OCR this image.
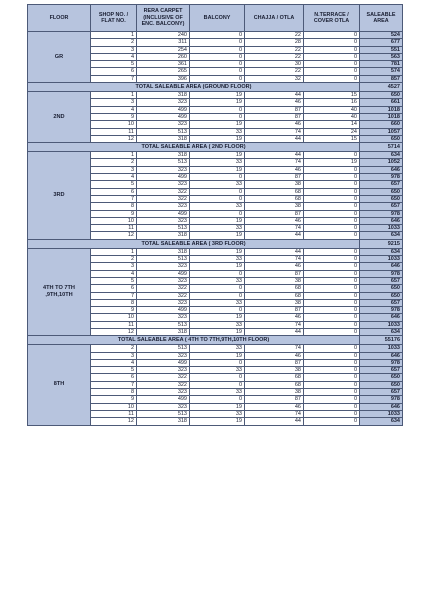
FLOOR	SHOP NO. / FLAT NO.	RERA CARPET (INCLUSIVE OF ENC. BALCONY)	BALCONY	CHAJJA / OTLA	N.TERRACE / COVER OTLA	SALEABLE AREA
GR	1	240	0	22	0	524
	2	311	0	28	0	677
	3	254	0	22	0	551
	4	260	0	22	0	563
	5	361	0	30	0	781
	6	265	0	22	0	574
	7	396	0	32	0	857
TOTAL SALEABLE AREA (GROUND FLOOR)						4527
2ND	1	318	19	44	15	650
	3	323	19	46	16	661
	4	499	0	87	40	1018
	9	499	0	87	40	1018
	10	323	19	46	14	660
	11	513	33	74	24	1057
	12	318	19	44	15	650
TOTAL SALEABLE AREA ( 2ND FLOOR)						5714
3RD	1	318	19	44	0	634
	2	513	33	74	19	1052
	3	323	19	46	0	646
	4	499	0	87	0	978
	5	323	33	38	0	657
	6	322	0	68	0	650
	7	322	0	68	0	650
	8	323	33	38	0	657
	9	499	0	87	0	978
	10	323	19	46	0	646
	11	513	33	74	0	1033
	12	318	19	44	0	634
TOTAL SALEABLE AREA ( 3RD FLOOR)						9215
4TH TO 7TH ,9TH,10TH	1	318	19	44	0	634
	2	513	33	74	0	1033
	3	323	19	46	0	646
	4	499	0	87	0	978
	5	323	33	38	0	657
	6	322	0	68	0	650
	7	322	0	68	0	650
	8	323	33	38	0	657
	9	499	0	87	0	978
	10	323	19	46	0	646
	11	513	33	74	0	1033
	12	318	19	44	0	634
TOTAL SALEABLE AREA ( 4TH TO 7TH,9TH,10TH FLOOR)						55176
8TH	2	513	33	74	0	1033
	3	323	19	46	0	646
	4	499	0	87	0	978
	5	323	33	38	0	657
	6	322	0	68	0	650
	7	322	0	68	0	650
	8	323	33	38	0	657
	9	499	0	87	0	978
	10	323	19	46	0	646
	11	513	33	74	0	1033
	12	318	19	44	0	634
